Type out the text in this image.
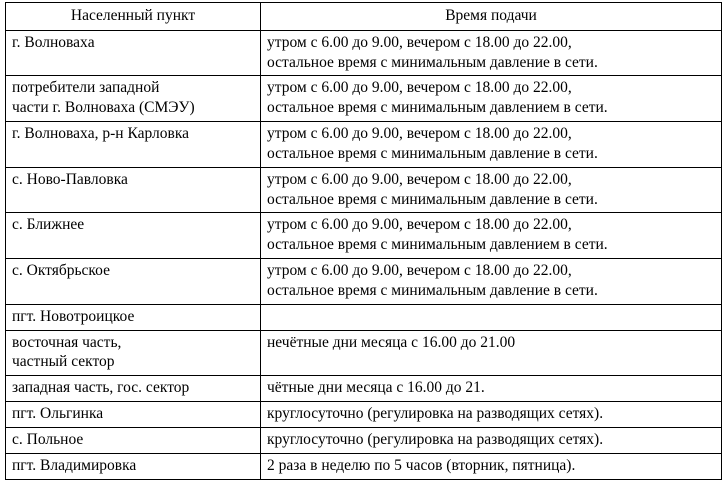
Населенный пункт	Время подачи

г. Волновахa	утром с 6.00 до 9.00, вечером с 18.00 до 22.00,
остальное время с минимальным давление в сети.

потребители западной
части г. Волновахa (СМЭУ)	утром с 6.00 до 9.00, вечером с 18.00 до 22.00,
остальное время с минимальным давлением в сети.

г. Волновахa, р-н Карловка	утром с 6.00 до 9.00, вечером с 18.00 до 22.00,
остальное время с минимальным давление в сети.

с. Ново-Павловка	утром с 6.00 до 9.00, вечером с 18.00 до 22.00,
остальное время с минимальным давление в сети.

с. Ближнее	утром с 6.00 до 9.00, вечером с 18.00 до 22.00,
остальное время с минимальным давлением в сети.

с. Октябрьское	утром с 6.00 до 9.00, вечером с 18.00 до 22.00,
остальное время с минимальным давление в сети.

пгт. Новотроицкое	

восточная часть,
частный сектор	нечётные дни месяца с 16.00 до 21.00

западная часть, гос. сектор	чётные дни месяца с 16.00 до 21.

пгт. Ольгинка	круглосуточно (регулировка на разводящих сетях).

с. Польное	круглосуточно (регулировка на разводящих сетях).

пгт. Владимировка	2 раза в неделю по 5 часов (вторник, пятница).
